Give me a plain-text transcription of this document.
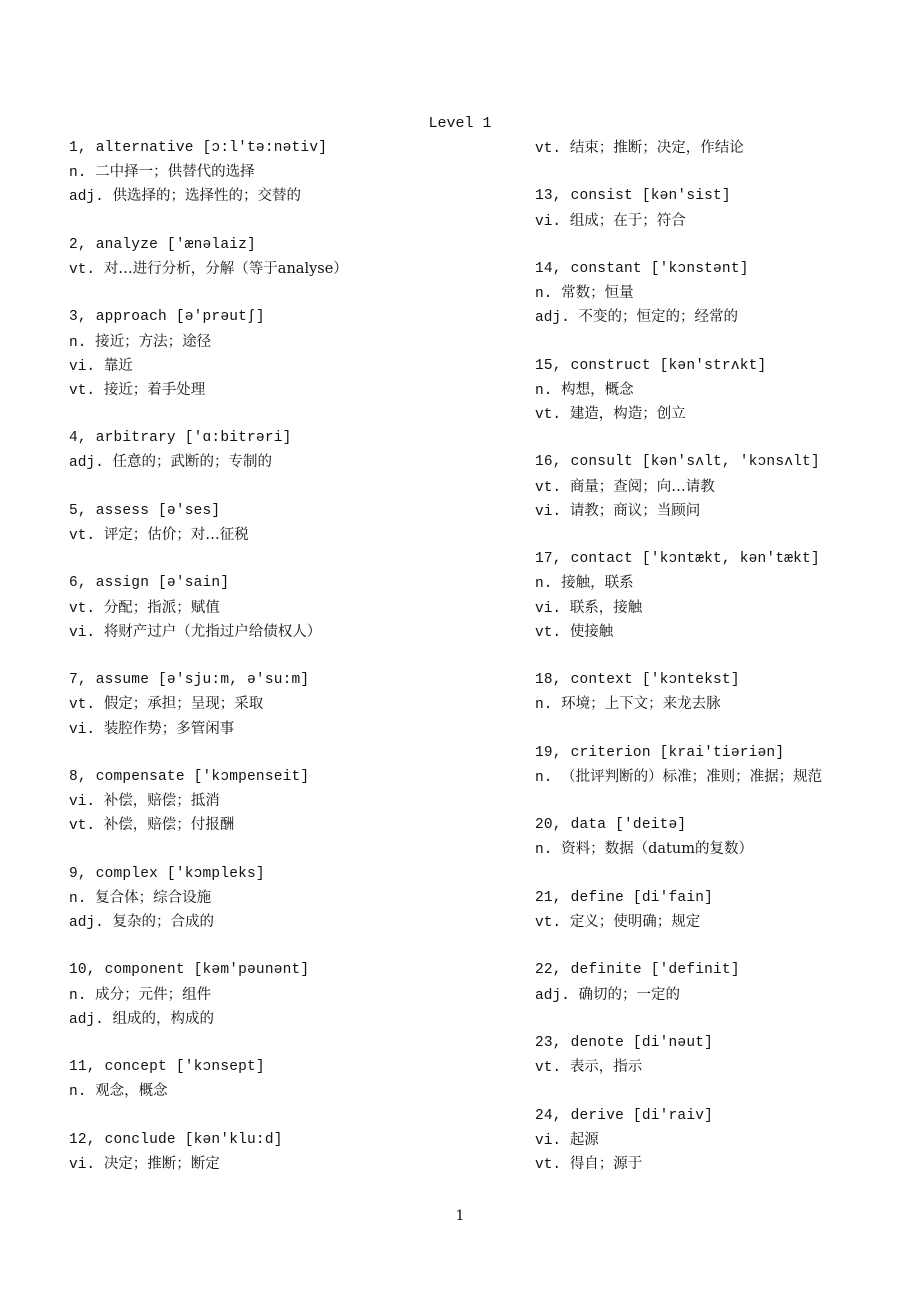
Level 1
1, alternative [ɔ:l'tə:nətiv]
n. 二中择一；供替代的选择
adj. 供选择的；选择性的；交替的
2, analyze ['ænəlaiz]
vt. 对…进行分析，分解（等于analyse）
3, approach [ə'prəutʃ]
n. 接近；方法；途径
vi. 靠近
vt. 接近；着手处理
4, arbitrary ['ɑ:bitrəri]
adj. 任意的；武断的；专制的
5, assess [ə'ses]
vt. 评定；估价；对…征税
6, assign [ə'sain]
vt. 分配；指派；赋值
vi. 将财产过户（尤指过户给债权人）
7, assume [ə'sju:m, ə'su:m]
vt. 假定；承担；呈现；采取
vi. 装腔作势；多管闲事
8, compensate ['kɔmpenseit]
vi. 补偿，赔偿；抵消
vt. 补偿，赔偿；付报酬
9, complex ['kɔmpleks]
n. 复合体；综合设施
adj. 复杂的；合成的
10, component [kəm'pəunənt]
n. 成分；元件；组件
adj. 组成的，构成的
11, concept ['kɔnsept]
n. 观念，概念
12, conclude [kən'klu:d]
vi. 决定；推断；断定
vt. 结束；推断；决定，作结论
13, consist [kən'sist]
vi. 组成；在于；符合
14, constant ['kɔnstənt]
n. 常数；恒量
adj. 不变的；恒定的；经常的
15, construct [kən'strʌkt]
n. 构想，概念
vt. 建造，构造；创立
16, consult [kən'sʌlt, 'kɔnsʌlt]
vt. 商量；查阅；向…请教
vi. 请教；商议；当顾问
17, contact ['kɔntækt, kən'tækt]
n. 接触，联系
vi. 联系，接触
vt. 使接触
18, context ['kɔntekst]
n. 环境；上下文；来龙去脉
19, criterion [krai'tiəriən]
n. （批评判断的）标准；准则；准据；规范
20, data ['deitə]
n. 资料；数据（datum的复数）
21, define [di'fain]
vt. 定义；使明确；规定
22, definite ['definit]
adj. 确切的；一定的
23, denote [di'nəut]
vt. 表示，指示
24, derive [di'raiv]
vi. 起源
vt. 得自；源于
1
